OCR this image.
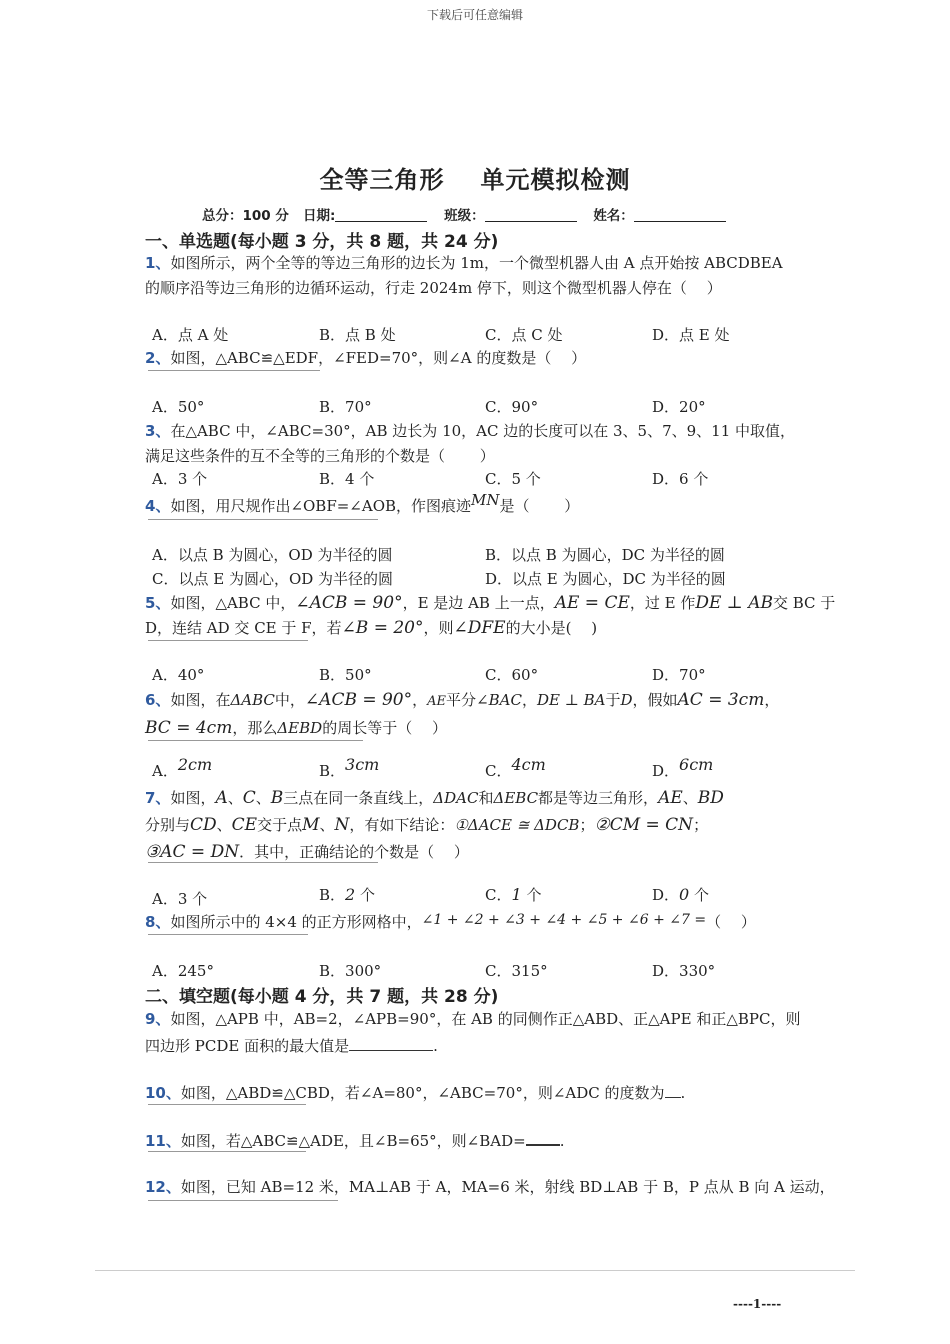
下载后可任意编辑
全等三角形 单元模拟检测
总分：100 分 日期:	班级：	姓名：
一、单选题(每小题 3 分，共 8 题，共 24 分)
1、如图所示，两个全等的等边三角形的边长为 1m，一个微型机器人由 A 点开始按 ABCDBEA
的顺序沿等边三角形的边循环运动，行走 2024m 停下，则这个微型机器人停在（　 ）
A．点 A 处	B．点 B 处	C．点 C 处	D．点 E 处
2、如图，△ABC≌△EDF，∠FED=70°，则∠A 的度数是（　 ）
A．50°	B．70°	C．90°	D．20°
3、在△ABC 中，∠ABC=30°，AB 边长为 10，AC 边的长度可以在 3、5、7、9、11 中取值，
满足这些条件的互不全等的三角形的个数是（　　 ）
A．3 个	B．4 个	C．5 个	D．6 个
4、如图，用尺规作出∠OBF=∠AOB，作图痕迹MN是（　　 ）
A．以点 B 为圆心，OD 为半径的圆	B．以点 B 为圆心，DC 为半径的圆
C．以点 E 为圆心，OD 为半径的圆	D．以点 E 为圆心，DC 为半径的圆
5、如图，△ABC 中，∠ACB = 90°，E 是边 AB 上一点，AE = CE，过 E 作DE ⊥ AB交 BC 于
D，连结 AD 交 CE 于 F，若∠B = 20°，则∠DFE的大小是(　 )
A．40°	B．50°	C．60°	D．70°
6、如图，在ΔABC中，∠ACB = 90°，AE平分∠BAC，DE ⊥ BA于D，假如AC = 3cm，
BC = 4cm，那么ΔEBD的周长等于（　 ）
A．2cm	B．3cm	C．4cm	D．6cm
7、如图，A、C、B三点在同一条直线上，ΔDAC和ΔEBC都是等边三角形，AE、BD
分别与CD、CE交于点M、N，有如下结论：①ΔACE ≅ ΔDCB；②CM = CN；
③AC = DN．其中，正确结论的个数是（　 ）
A．3 个	B．2 个	C．1 个	D．0 个
8、如图所示中的 4×4 的正方形网格中，∠1 + ∠2 + ∠3 + ∠4 + ∠5 + ∠6 + ∠7 =（　 ）
A．245°	B．300°	C．315°	D．330°
二、填空题(每小题 4 分，共 7 题，共 28 分)
9、如图，△APB 中，AB=2，∠APB=90°，在 AB 的同侧作正△ABD、正△APE 和正△BPC，则
四边形 PCDE 面积的最大值是	.
10、如图，△ABD≌△CBD，若∠A=80°，∠ABC=70°，则∠ADC 的度数为 .
11、如图，若△ABC≌△ADE，且∠B=65°，则∠BAD= .
12、如图，已知 AB=12 米，MA⊥AB 于 A，MA=6 米，射线 BD⊥AB 于 B，P 点从 B 向 A 运动，
----1----
